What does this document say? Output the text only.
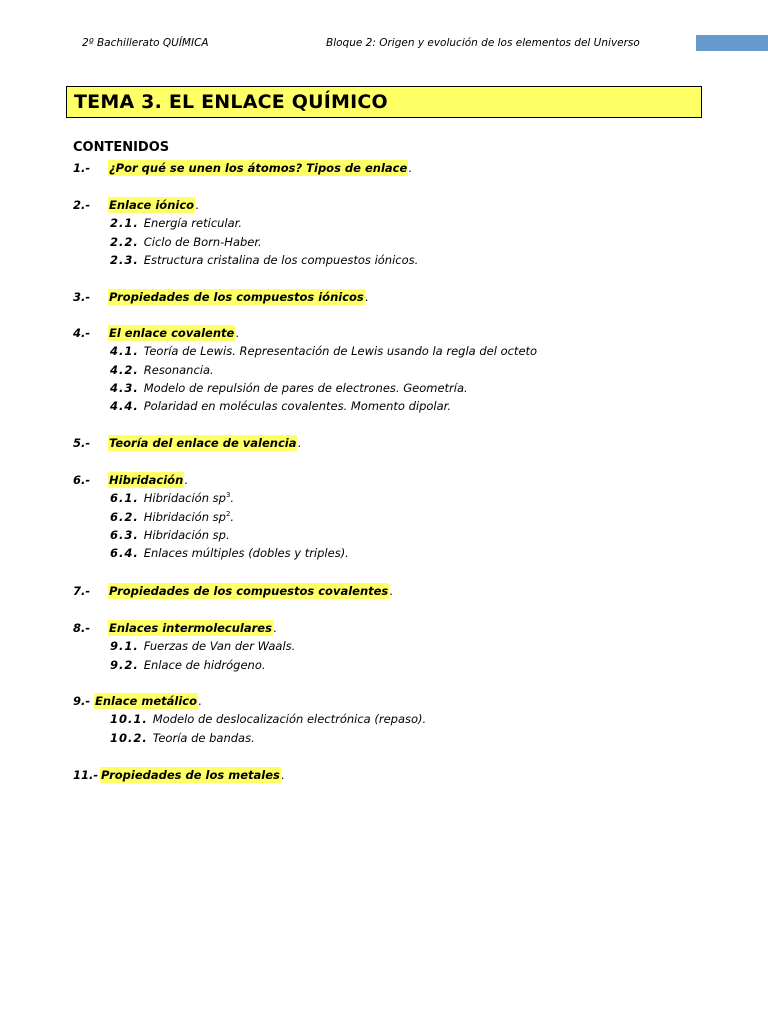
2º Bachillerato QUÍMICA	Bloque 2: Origen y evolución de los elementos del Universo
TEMA 3. EL ENLACE QUÍMICO
CONTENIDOS
1.- ¿Por qué se unen los átomos? Tipos de enlace.
2.- Enlace iónico.
2.1. Energía reticular.
2.2. Ciclo de Born-Haber.
2.3. Estructura cristalina de los compuestos iónicos.
3.- Propiedades de los compuestos iónicos.
4.- El enlace covalente.
4.1. Teoría de Lewis. Representación de Lewis usando la regla del octeto
4.2. Resonancia.
4.3. Modelo de repulsión de pares de electrones. Geometría.
4.4. Polaridad en moléculas covalentes. Momento dipolar.
5.- Teoría del enlace de valencia.
6.- Hibridación.
6.1. Hibridación $sp^3$.
6.2. Hibridación $sp^2$.
6.3. Hibridación sp.
6.4. Enlaces múltiples (dobles y triples).
7.- Propiedades de los compuestos covalentes.
8.- Enlaces intermoleculares.
9.1. Fuerzas de Van der Waals.
9.2. Enlace de hidrógeno.
9.- Enlace metálico.
10.1. Modelo de deslocalización electrónica (repaso).
10.2. Teoría de bandas.
11.- Propiedades de los metales.
